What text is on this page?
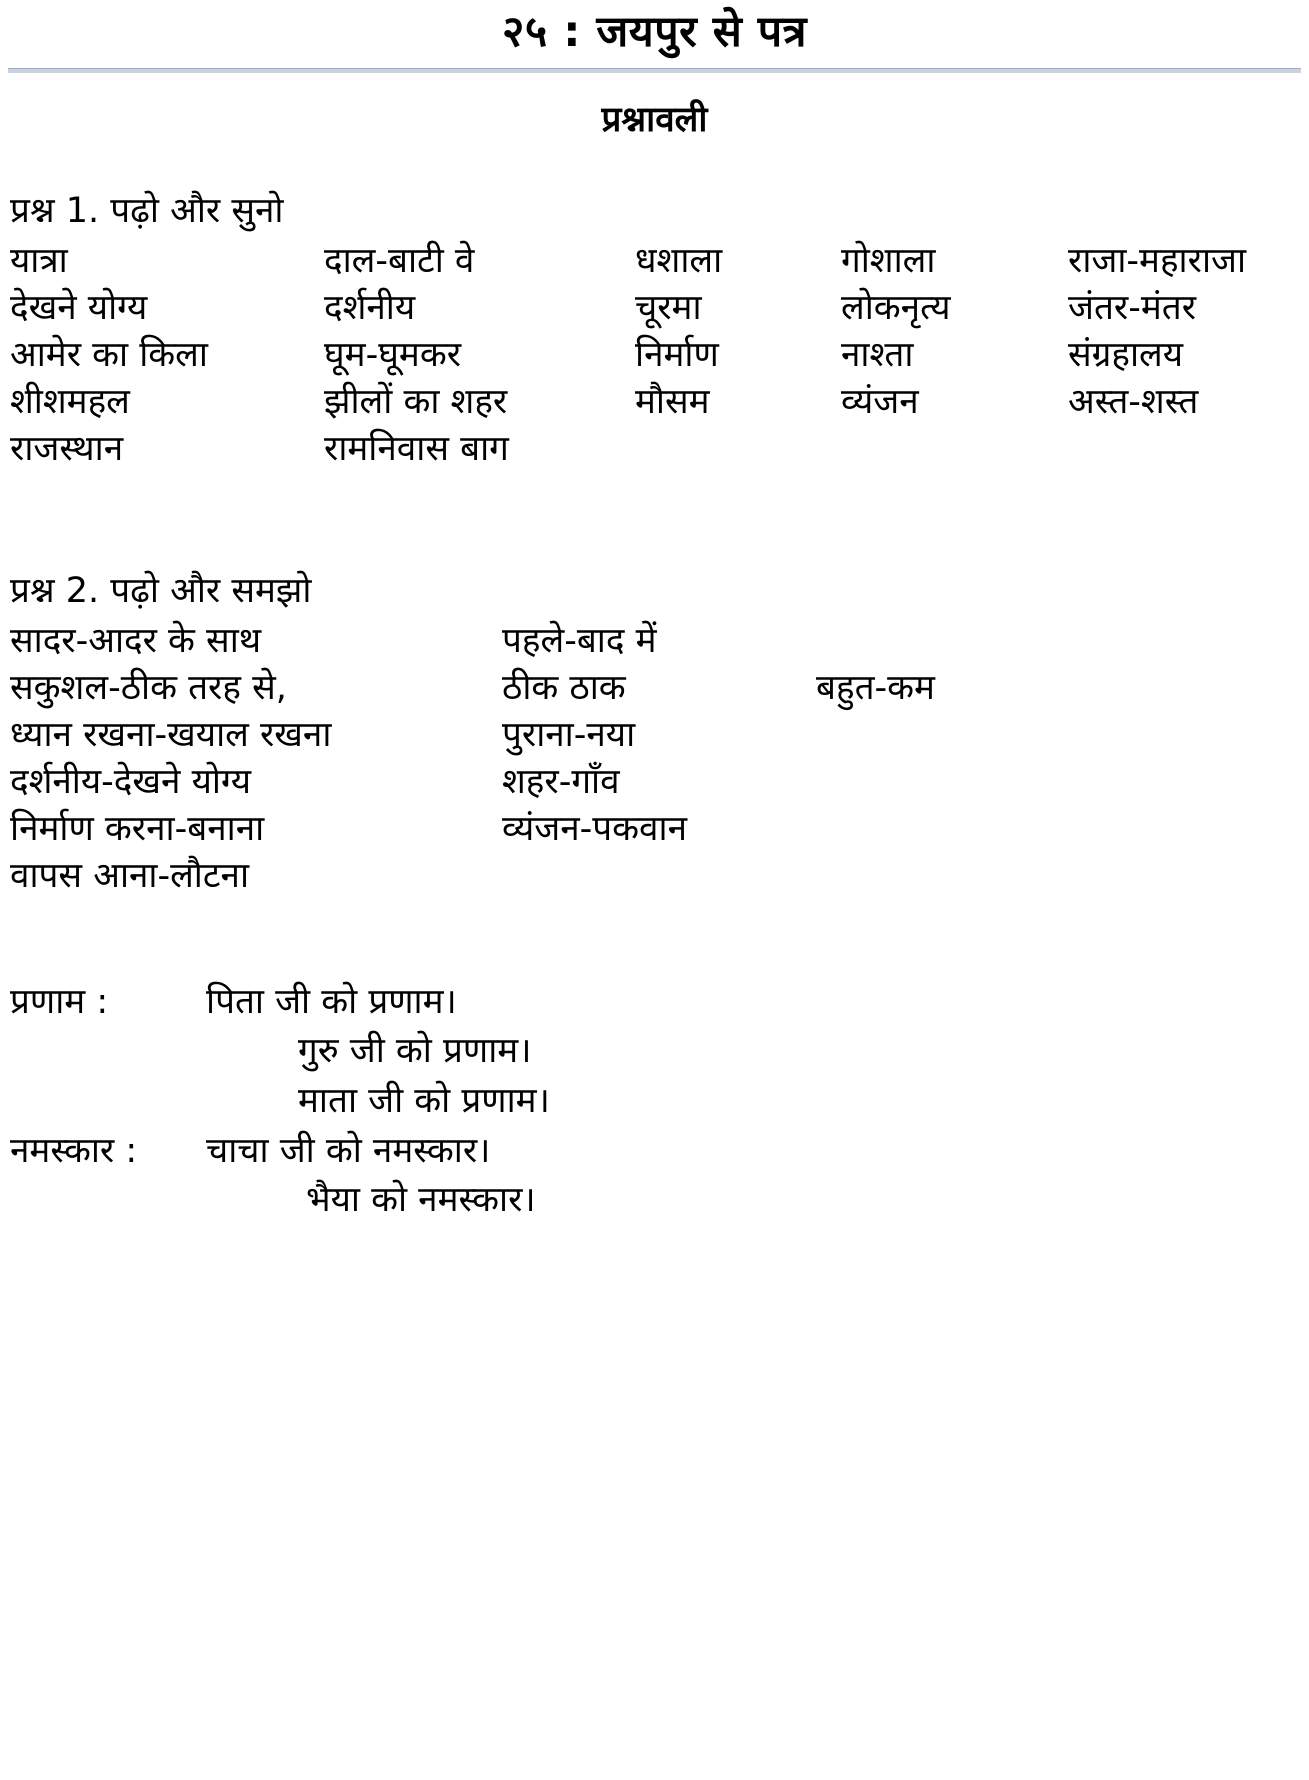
२५ : जयपुर से पत्र
प्रश्नावली
प्रश्न 1. पढ़ो और सुनो
यात्रा	दाल-बाटी वे	धशाला	गोशाला	राजा-महाराजा
देखने योग्य	दर्शनीय	चूरमा	लोकनृत्य	जंतर-मंतर
आमेर का किला	घूम-घूमकर	निर्माण	नाश्ता	संग्रहालय
शीशमहल	झीलों का शहर	मौसम	व्यंजन	अस्त-शस्त
राजस्थान	रामनिवास बाग			
प्रश्न 2. पढ़ो और समझो
सादर-आदर के साथ	पहले-बाद में	
सकुशल-ठीक तरह से,	ठीक ठाक	बहुत-कम
ध्यान रखना-खयाल रखना	पुराना-नया	
दर्शनीय-देखने योग्य	शहर-गाँव	
निर्माण करना-बनाना	व्यंजन-पकवान	
वापस आना-लौटना		
प्रणाम :	पिता जी को प्रणाम।
	गुरु जी को प्रणाम।
	माता जी को प्रणाम।
नमस्कार :	चाचा जी को नमस्कार।
	भैया को नमस्कार।
